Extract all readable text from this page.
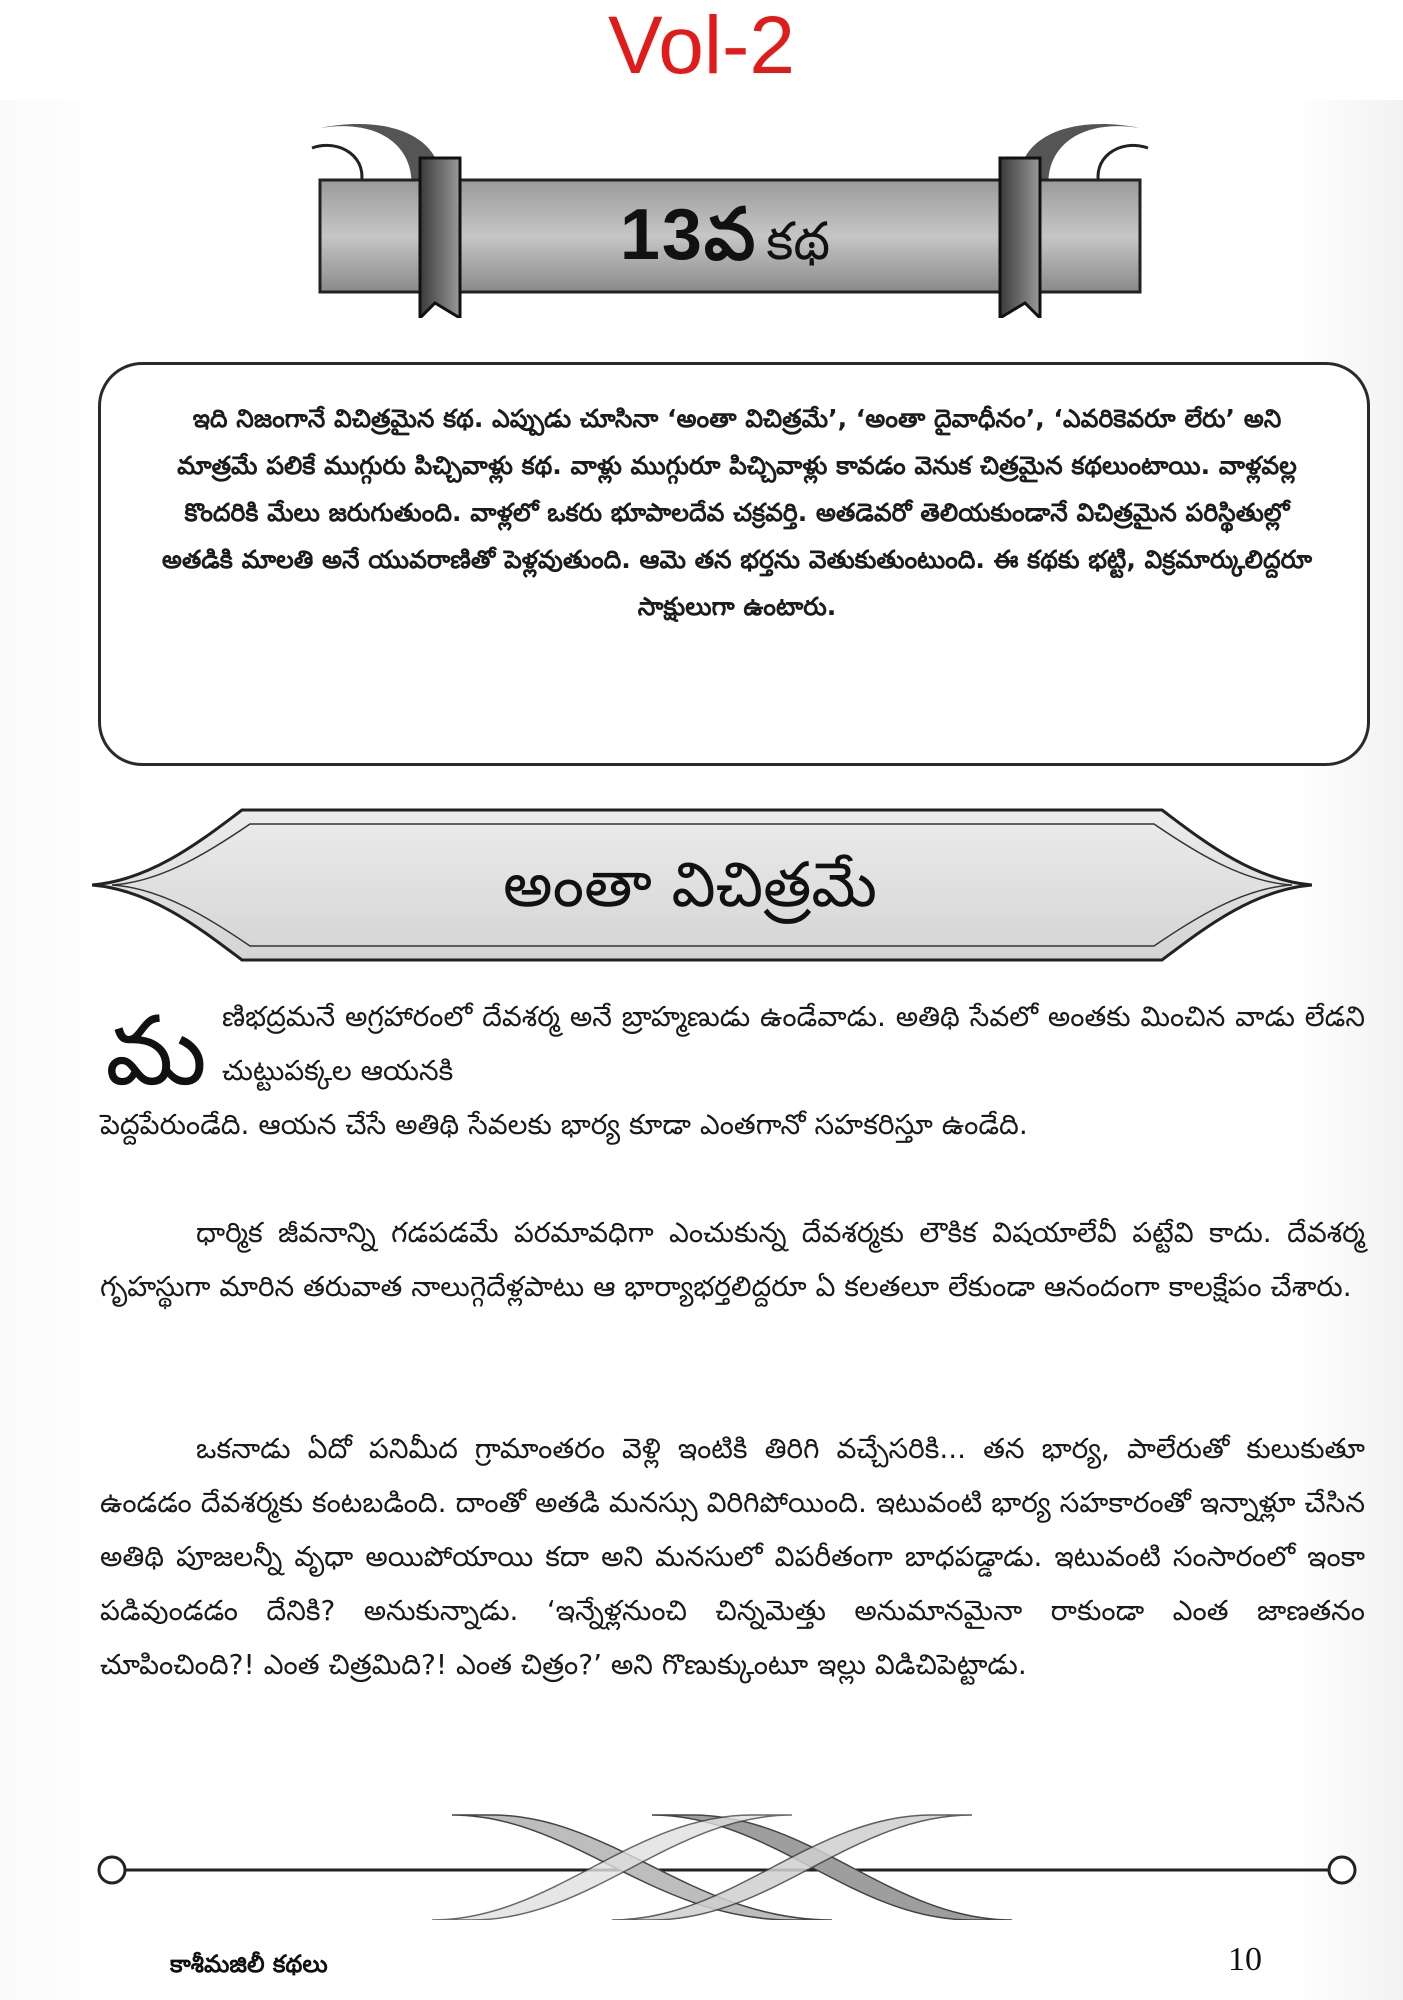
Vol-2
13వ కథ

ఇది నిజంగానే విచిత్రమైన కథ. ఎప్పుడు చూసినా ‘అంతా విచిత్రమే’, ‘అంతా దైవాధీనం’, ‘ఎవరికెవరూ లేరు’ అని మాత్రమే పలికే ముగ్గురు పిచ్చివాళ్లు కథ. వాళ్లు ముగ్గురూ పిచ్చివాళ్లు కావడం వెనుక చిత్రమైన కథలుంటాయి. వాళ్లవల్ల కొందరికి మేలు జరుగుతుంది. వాళ్లలో ఒకరు భూపాలదేవ చక్రవర్తి. అతడెవరో తెలియకుండానే విచిత్రమైన పరిస్థితుల్లో అతడికి మాలతి అనే యువరాణితో పెళ్లవుతుంది. ఆమె తన భర్తను వెతుకుతుంటుంది. ఈ కథకు భట్టి, విక్రమార్కులిద్దరూ సాక్షులుగా ఉంటారు.

అంతా విచిత్రమే
మ ణిభద్రమనే అగ్రహారంలో దేవశర్మ అనే బ్రాహ్మణుడు ఉండేవాడు. అతిథి సేవలో అంతకు మించిన వాడు లేడని చుట్టుపక్కల ఆయనకి

పెద్దపేరుండేది. ఆయన చేసే అతిథి సేవలకు భార్య కూడా ఎంతగానో సహకరిస్తూ ఉండేది.

ధార్మిక జీవనాన్ని గడపడమే పరమావధిగా ఎంచుకున్న దేవశర్మకు లౌకిక విషయాలేవీ పట్టేవి కాదు. దేవశర్మ గృహస్థుగా మారిన తరువాత నాలుగ్గెదేళ్లపాటు ఆ భార్యాభర్తలిద్దరూ ఏ కలతలూ లేకుండా ఆనందంగా కాలక్షేపం చేశారు.

ఒకనాడు ఏదో పనిమీద గ్రామాంతరం వెళ్లి ఇంటికి తిరిగి వచ్చేసరికి... తన భార్య, పాలేరుతో కులుకుతూ ఉండడం దేవశర్మకు కంటబడింది. దాంతో అతడి మనస్సు విరిగిపోయింది. ఇటువంటి భార్య సహకారంతో ఇన్నాళ్లూ చేసిన అతిథి పూజలన్నీ వృధా అయిపోయాయి కదా అని మనసులో విపరీతంగా బాధపడ్డాడు. ఇటువంటి సంసారంలో ఇంకా పడివుండడం దేనికి? అనుకున్నాడు. ‘ఇన్నేళ్లనుంచి చిన్నమెత్తు అనుమానమైనా రాకుండా ఎంత జాణతనం చూపించింది?! ఎంత చిత్రమిది?! ఎంత చిత్రం?’ అని గొణుక్కుంటూ ఇల్లు విడిచిపెట్టాడు.

కాశీమజిలీ కథలు	10
